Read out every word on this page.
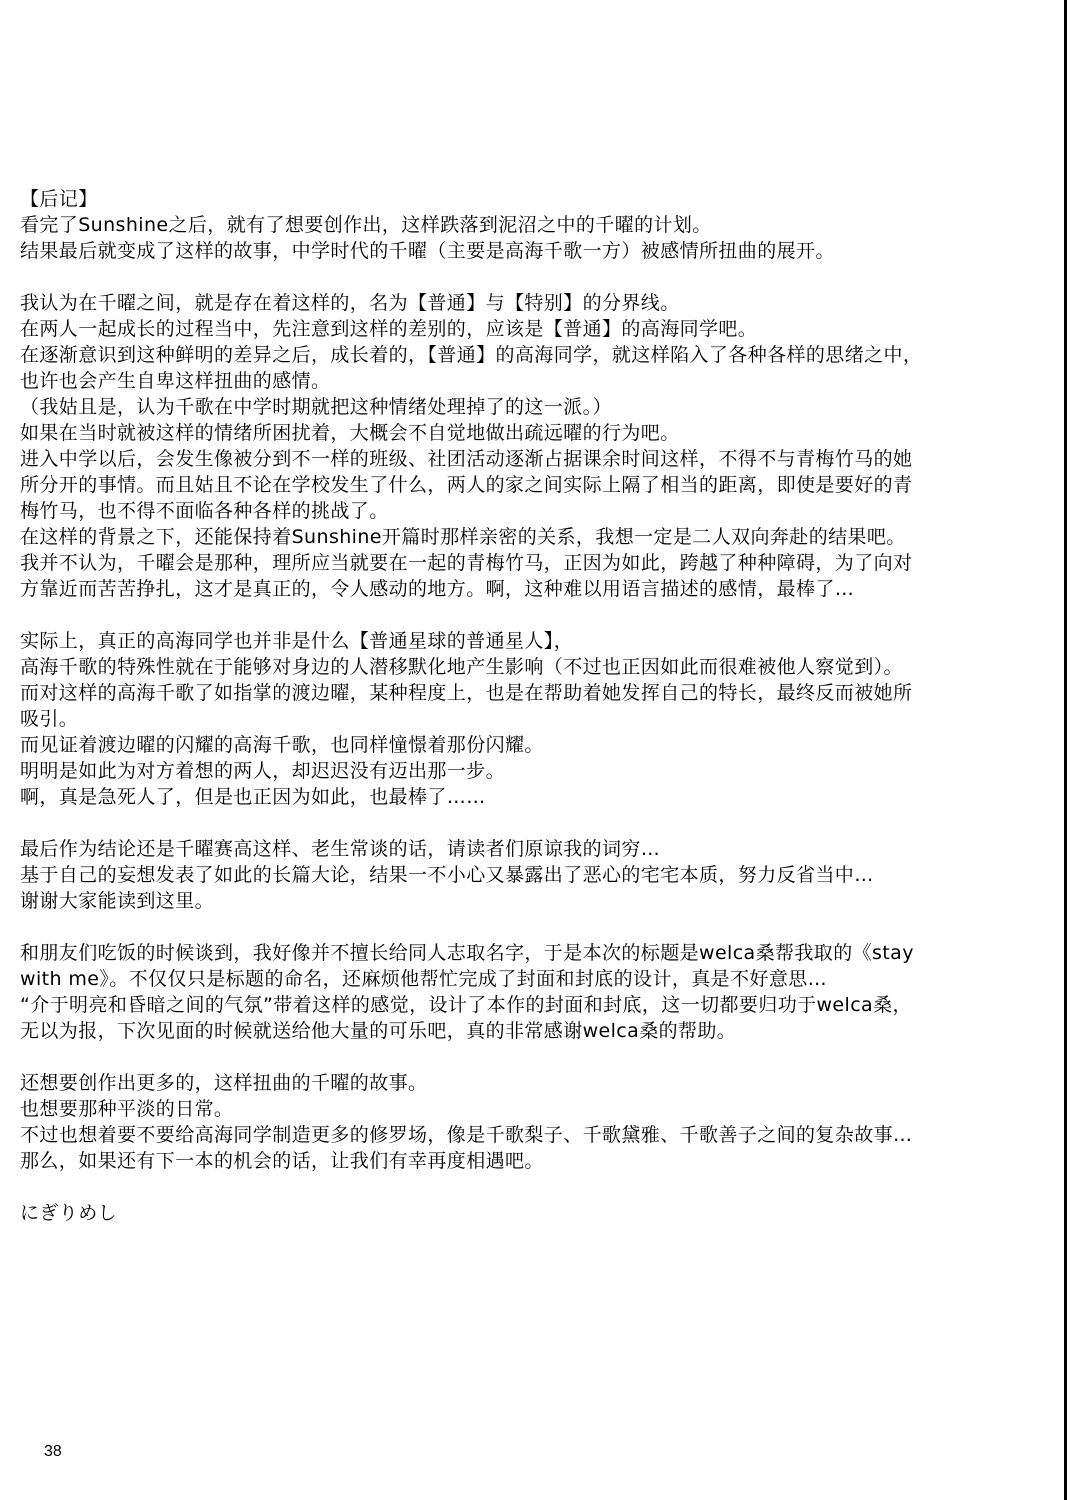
【后记】
看完了Sunshine之后，就有了想要创作出，这样跌落到泥沼之中的千曜的计划。
结果最后就变成了这样的故事，中学时代的千曜（主要是高海千歌一方）被感情所扭曲的展开。
我认为在千曜之间，就是存在着这样的，名为【普通】与【特别】的分界线。
在两人一起成长的过程当中，先注意到这样的差别的，应该是【普通】的高海同学吧。
在逐渐意识到这种鲜明的差异之后，成长着的，【普通】的高海同学，就这样陷入了各种各样的思绪之中，
也许也会产生自卑这样扭曲的感情。
（我姑且是，认为千歌在中学时期就把这种情绪处理掉了的这一派。）
如果在当时就被这样的情绪所困扰着，大概会不自觉地做出疏远曜的行为吧。
进入中学以后，会发生像被分到不一样的班级、社团活动逐渐占据课余时间这样，不得不与青梅竹马的她
所分开的事情。而且姑且不论在学校发生了什么，两人的家之间实际上隔了相当的距离，即使是要好的青
梅竹马，也不得不面临各种各样的挑战了。
在这样的背景之下，还能保持着Sunshine开篇时那样亲密的关系，我想一定是二人双向奔赴的结果吧。
我并不认为，千曜会是那种，理所应当就要在一起的青梅竹马，正因为如此，跨越了种种障碍，为了向对
方靠近而苦苦挣扎，这才是真正的，令人感动的地方。啊，这种难以用语言描述的感情，最棒了…
实际上，真正的高海同学也并非是什么【普通星球的普通星人】，
高海千歌的特殊性就在于能够对身边的人潜移默化地产生影响（不过也正因如此而很难被他人察觉到）。
而对这样的高海千歌了如指掌的渡边曜，某种程度上，也是在帮助着她发挥自己的特长，最终反而被她所
吸引。
而见证着渡边曜的闪耀的高海千歌，也同样憧憬着那份闪耀。
明明是如此为对方着想的两人，却迟迟没有迈出那一步。
啊，真是急死人了，但是也正因为如此，也最棒了……
最后作为结论还是千曜赛高这样、老生常谈的话，请读者们原谅我的词穷…
基于自己的妄想发表了如此的长篇大论，结果一不小心又暴露出了恶心的宅宅本质，努力反省当中…
谢谢大家能读到这里。
和朋友们吃饭的时候谈到，我好像并不擅长给同人志取名字，于是本次的标题是welca桑帮我取的《stay
with me》。不仅仅只是标题的命名，还麻烦他帮忙完成了封面和封底的设计，真是不好意思…
“介于明亮和昏暗之间的气氛”带着这样的感觉，设计了本作的封面和封底，这一切都要归功于welca桑，
无以为报，下次见面的时候就送给他大量的可乐吧，真的非常感谢welca桑的帮助。
还想要创作出更多的，这样扭曲的千曜的故事。
也想要那种平淡的日常。
不过也想着要不要给高海同学制造更多的修罗场，像是千歌梨子、千歌黛雅、千歌善子之间的复杂故事…
那么，如果还有下一本的机会的话，让我们有幸再度相遇吧。
にぎりめし
38
